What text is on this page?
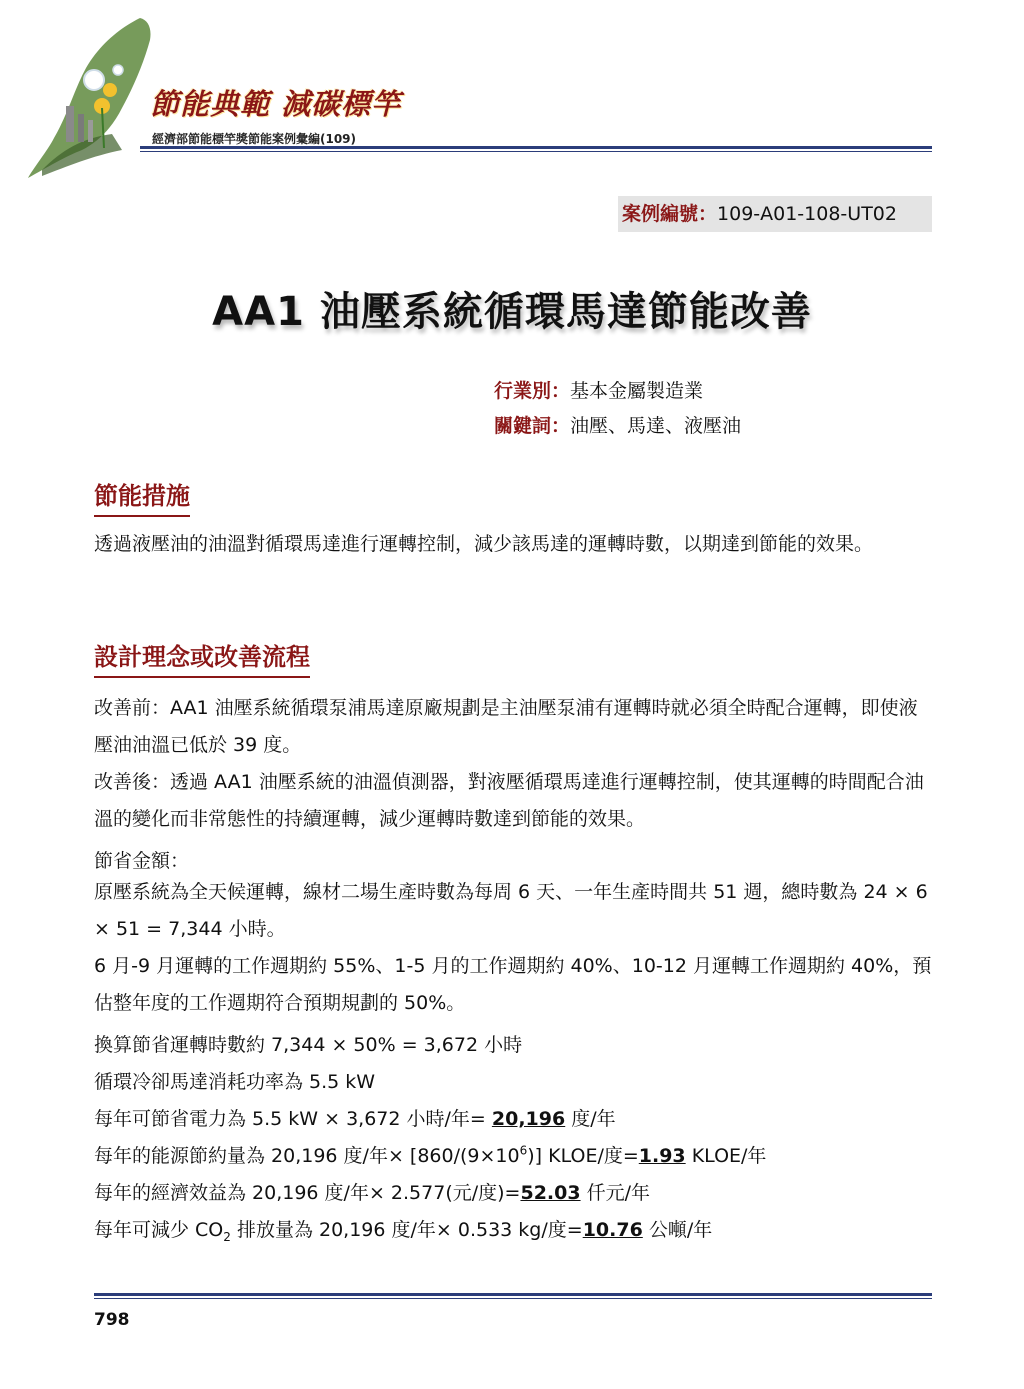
節能典範 減碳標竿
經濟部節能標竿獎節能案例彙編(109)
案例編號：109-A01-108-UT02
AA1 油壓系統循環馬達節能改善
行業別：基本金屬製造業
關鍵詞：油壓、馬達、液壓油
節能措施
透過液壓油的油溫對循環馬達進行運轉控制，減少該馬達的運轉時數，以期達到節能的效果。
設計理念或改善流程
改善前：AA1 油壓系統循環泵浦馬達原廠規劃是主油壓泵浦有運轉時就必須全時配合運轉，即使液壓油油溫已低於 39 度。
改善後：透過 AA1 油壓系統的油溫偵測器，對液壓循環馬達進行運轉控制，使其運轉的時間配合油溫的變化而非常態性的持續運轉，減少運轉時數達到節能的效果。
節省金額：
原壓系統為全天候運轉，線材二場生產時數為每周 6 天、一年生產時間共 51 週，總時數為 24 × 6 × 51 = 7,344 小時。
6 月-9 月運轉的工作週期約 55%、1-5 月的工作週期約 40%、10-12 月運轉工作週期約 40%，預估整年度的工作週期符合預期規劃的 50%。
換算節省運轉時數約 7,344 × 50% = 3,672 小時
循環冷卻馬達消耗功率為 5.5 kW
每年可節省電力為 5.5 kW × 3,672 小時/年= 20,196 度/年
每年的能源節約量為 20,196 度/年× $[860/(9\times 10^6)]$ KLOE/度=1.93 KLOE/年
每年的經濟效益為 20,196 度/年× 2.577(元/度)=52.03 仟元/年
每年可減少 $CO_2$ 排放量為 20,196 度/年× 0.533 kg/度=10.76 公噸/年
798
